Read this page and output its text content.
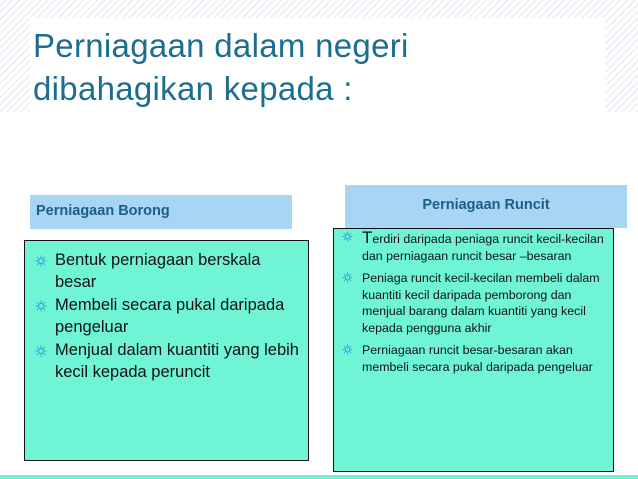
Perniagaan dalam negeri
dibahagikan kepada :
Perniagaan Borong	Perniagaan Runcit
Bentuk perniagaan berskala besar
Membeli secara pukal daripada pengeluar
Menjual dalam kuantiti yang lebih kecil kepada peruncit
Terdiri daripada peniaga runcit kecil-kecilan dan perniagaan runcit besar –besaran
Peniaga runcit kecil-kecilan membeli dalam kuantiti kecil daripada pemborong dan menjual barang dalam kuantiti yang kecil kepada pengguna akhir
Perniagaan runcit besar-besaran akan membeli secara pukal daripada pengeluar
